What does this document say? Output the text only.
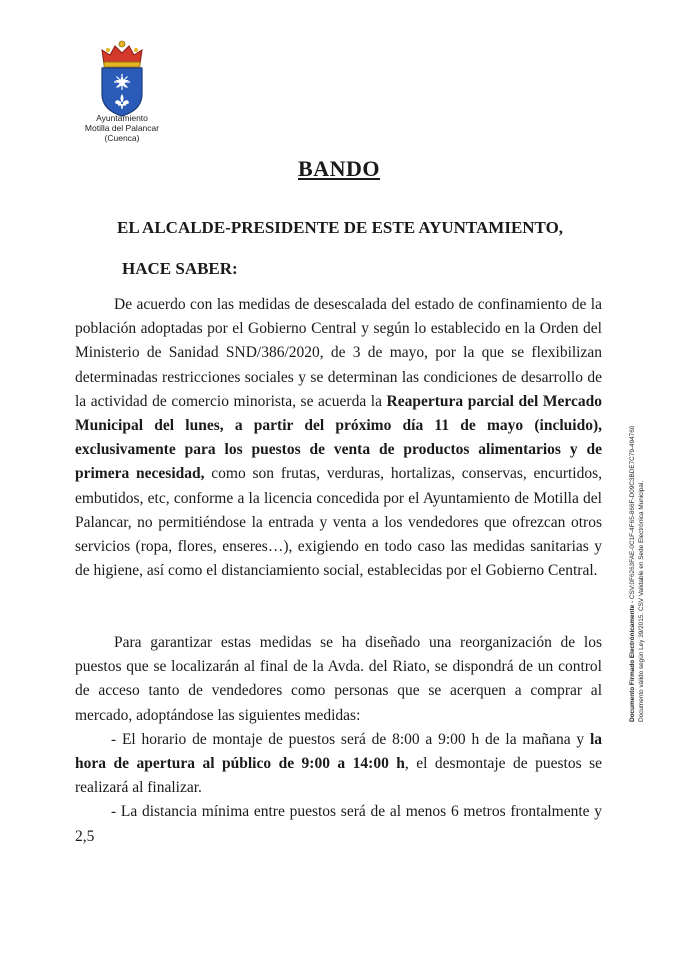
Ayuntamiento
Motilla del Palancar
(Cuenca)
BANDO
EL ALCALDE-PRESIDENTE DE ESTE AYUNTAMIENTO,
HACE SABER:
De acuerdo con las medidas de desescalada del estado de confinamiento de la población adoptadas por el Gobierno Central y según lo establecido en la Orden del Ministerio de Sanidad SND/386/2020, de 3 de mayo, por la que se flexibilizan determinadas restricciones sociales y se determinan las condiciones de desarrollo de la actividad de comercio minorista, se acuerda la Reapertura parcial del Mercado Municipal del lunes, a partir del próximo día 11 de mayo (incluido), exclusivamente para los puestos de venta de productos alimentarios y de primera necesidad, como son frutas, verduras, hortalizas, conservas, encurtidos, embutidos, etc, conforme a la licencia concedida por el Ayuntamiento de Motilla del Palancar, no permitiéndose la entrada y venta a los vendedores que ofrezcan otros servicios (ropa, flores, enseres…), exigiendo en todo caso las medidas sanitarias y de higiene, así como el distanciamiento social, establecidas por el Gobierno Central.
Para garantizar estas medidas se ha diseñado una reorganización de los puestos que se localizarán al final de la Avda. del Riato, se dispondrá de un control de acceso tanto de vendedores como personas que se acerquen a comprar al mercado, adoptándose las siguientes medidas:
- El horario de montaje de puestos será de 8:00 a 9:00 h de la mañana y la hora de apertura al público de 9:00 a 14:00 h, el desmontaje de puestos se realizará al finalizar.
- La distancia mínima entre puestos será de al menos 6 metros frontalmente y 2,5
Documento Firmado Electrónicamente - CSV:0F6263FAE-0C1F-4F65-866F-D09C3BDE7C79-494760 Documento válido según Ley 39/2015. CSV Validable en Sede Electrónica Municipal.
